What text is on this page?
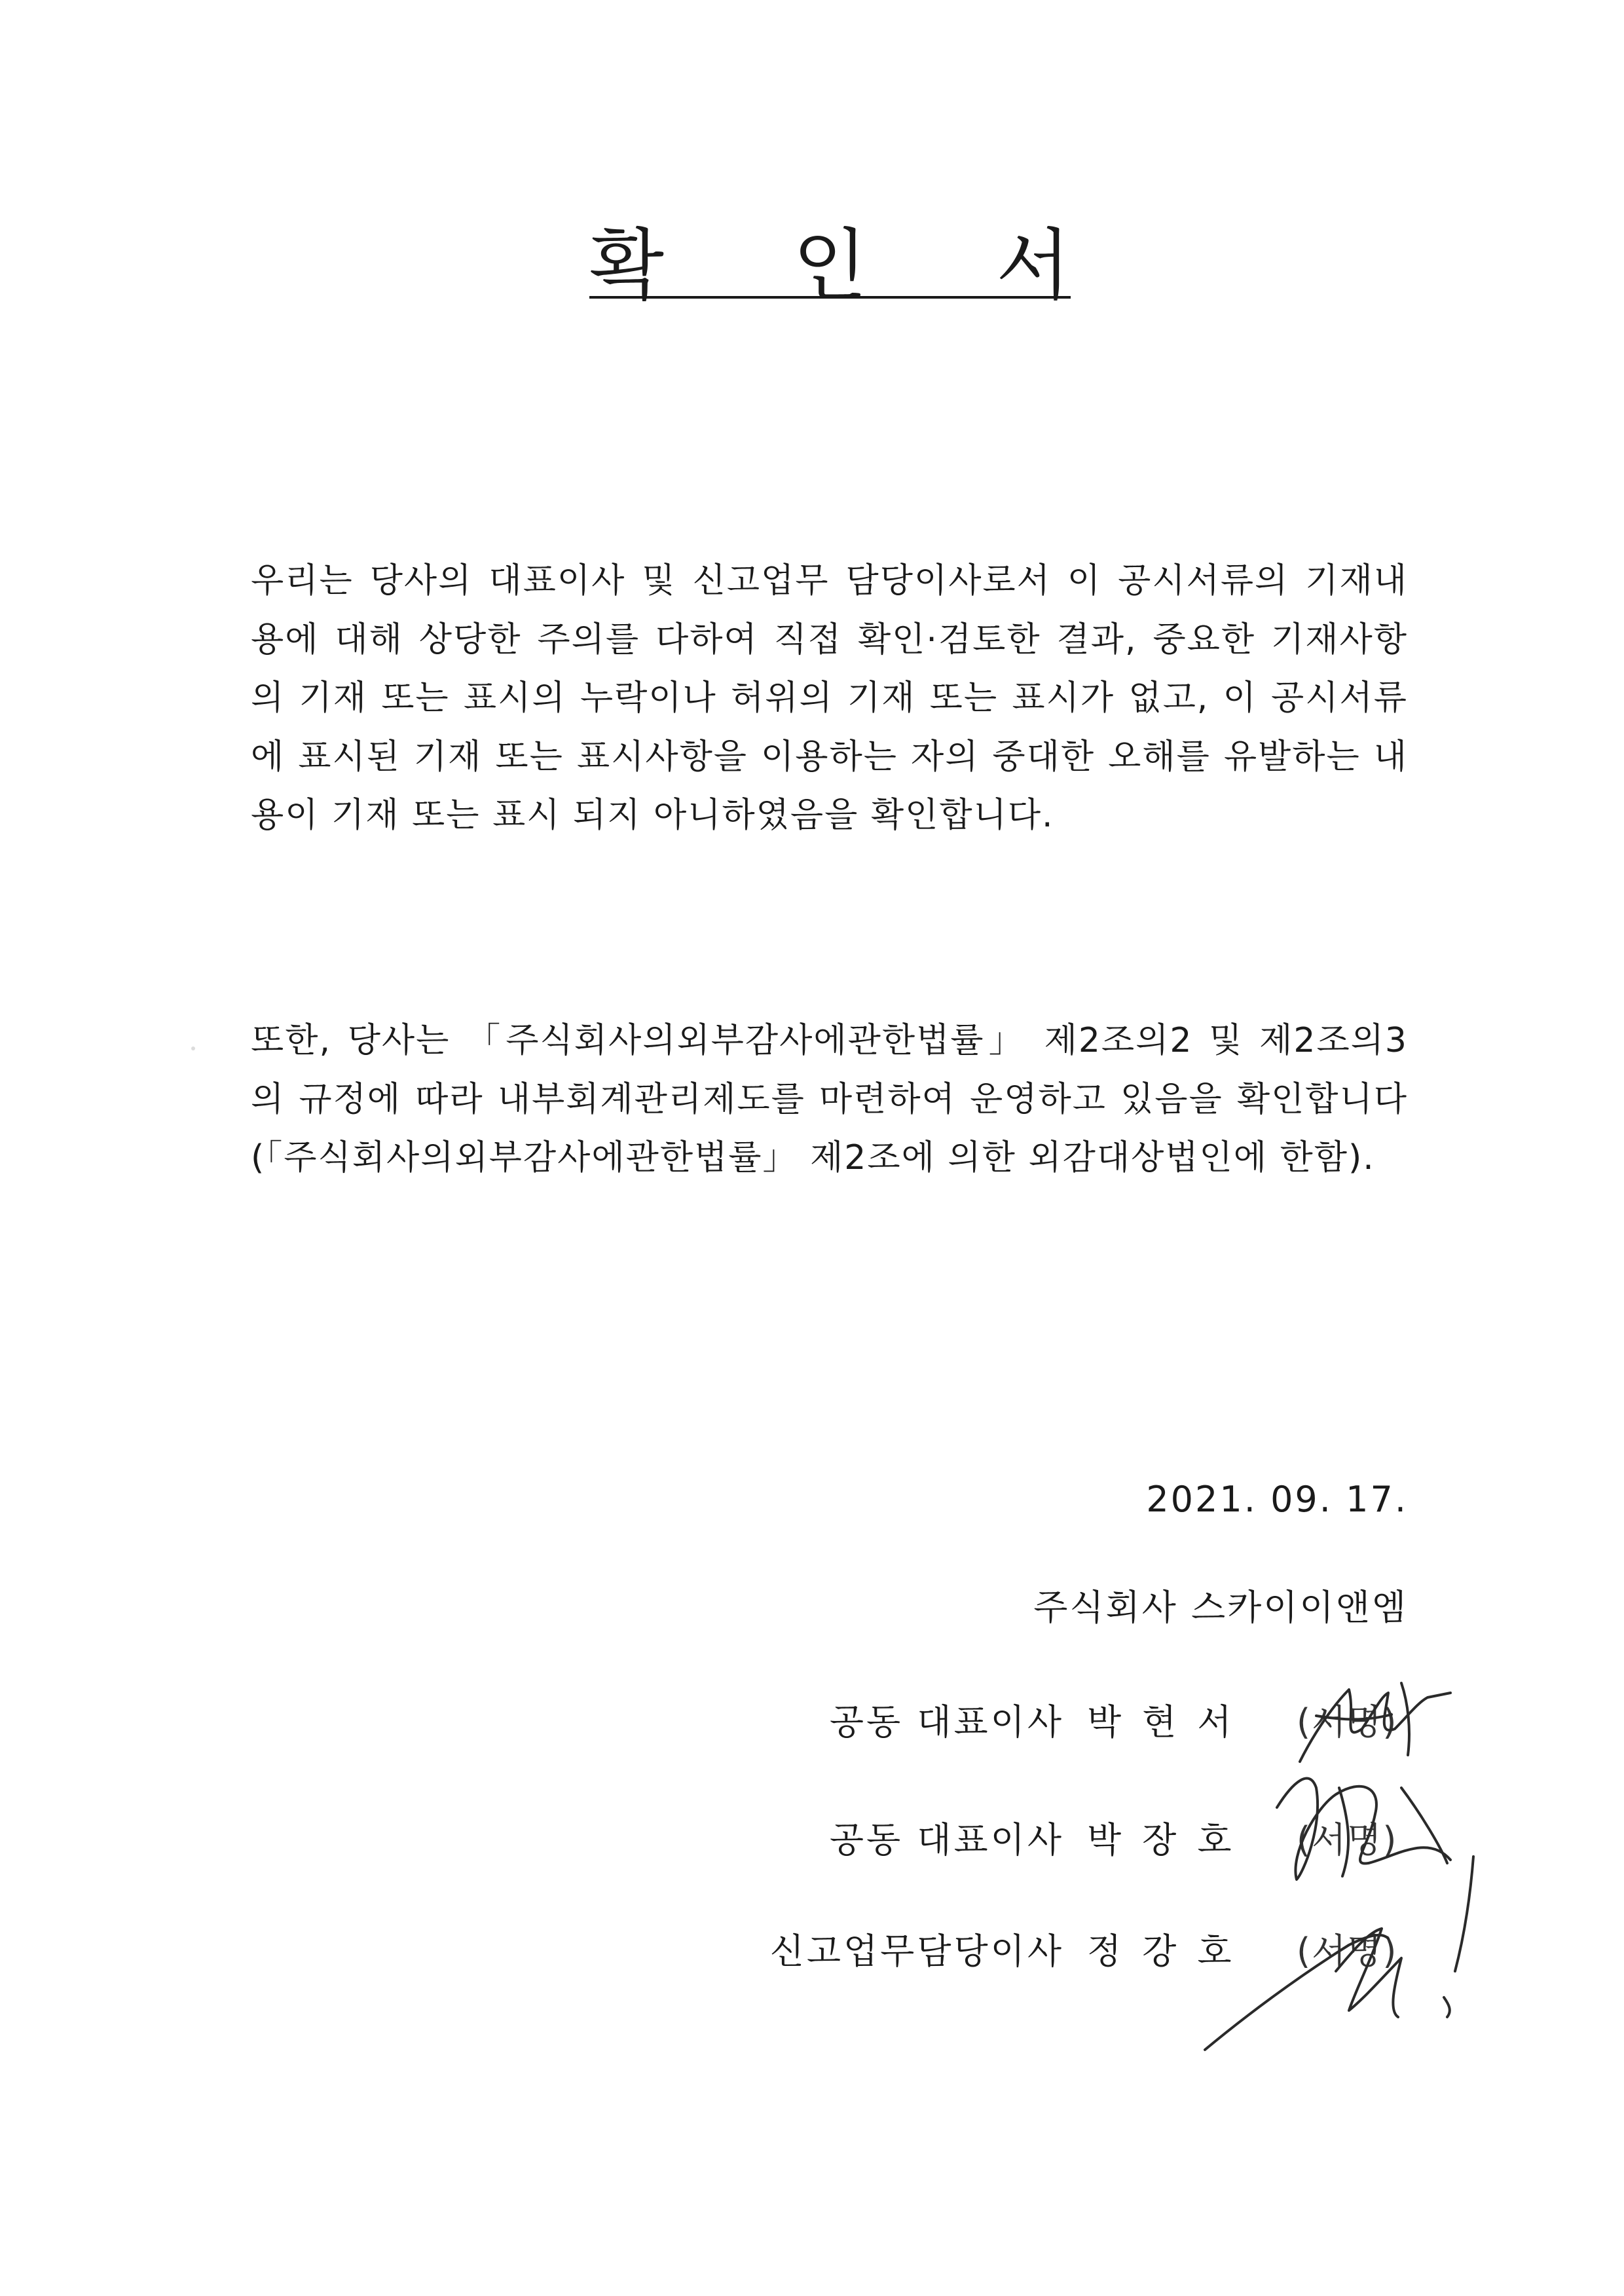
확 인 서
우리는 당사의 대표이사 및 신고업무 담당이사로서 이 공시서류의 기재내용에 대해 상당한 주의를 다하여 직접 확인·검토한 결과, 중요한 기재사항의 기재 또는 표시의 누락이나 허위의 기재 또는 표시가 없고, 이 공시서류에 표시된 기재 또는 표시사항을 이용하는 자의 중대한 오해를 유발하는 내용이 기재 또는 표시 되지 아니하였음을 확인합니다.
또한, 당사는 「주식회사의외부감사에관한법률」 제2조의2 및 제2조의3의 규정에 따라 내부회계관리제도를 마련하여 운영하고 있음을 확인합니다(「주식회사의외부감사에관한법률」 제2조에 의한 외감대상법인에 한함).
2021. 09. 17.
주식회사 스카이이앤엠
공동 대표이사 박현서 (서명)
공동 대표이사 박장호 (서명)
신고업무담당이사 정강호 (서명)
